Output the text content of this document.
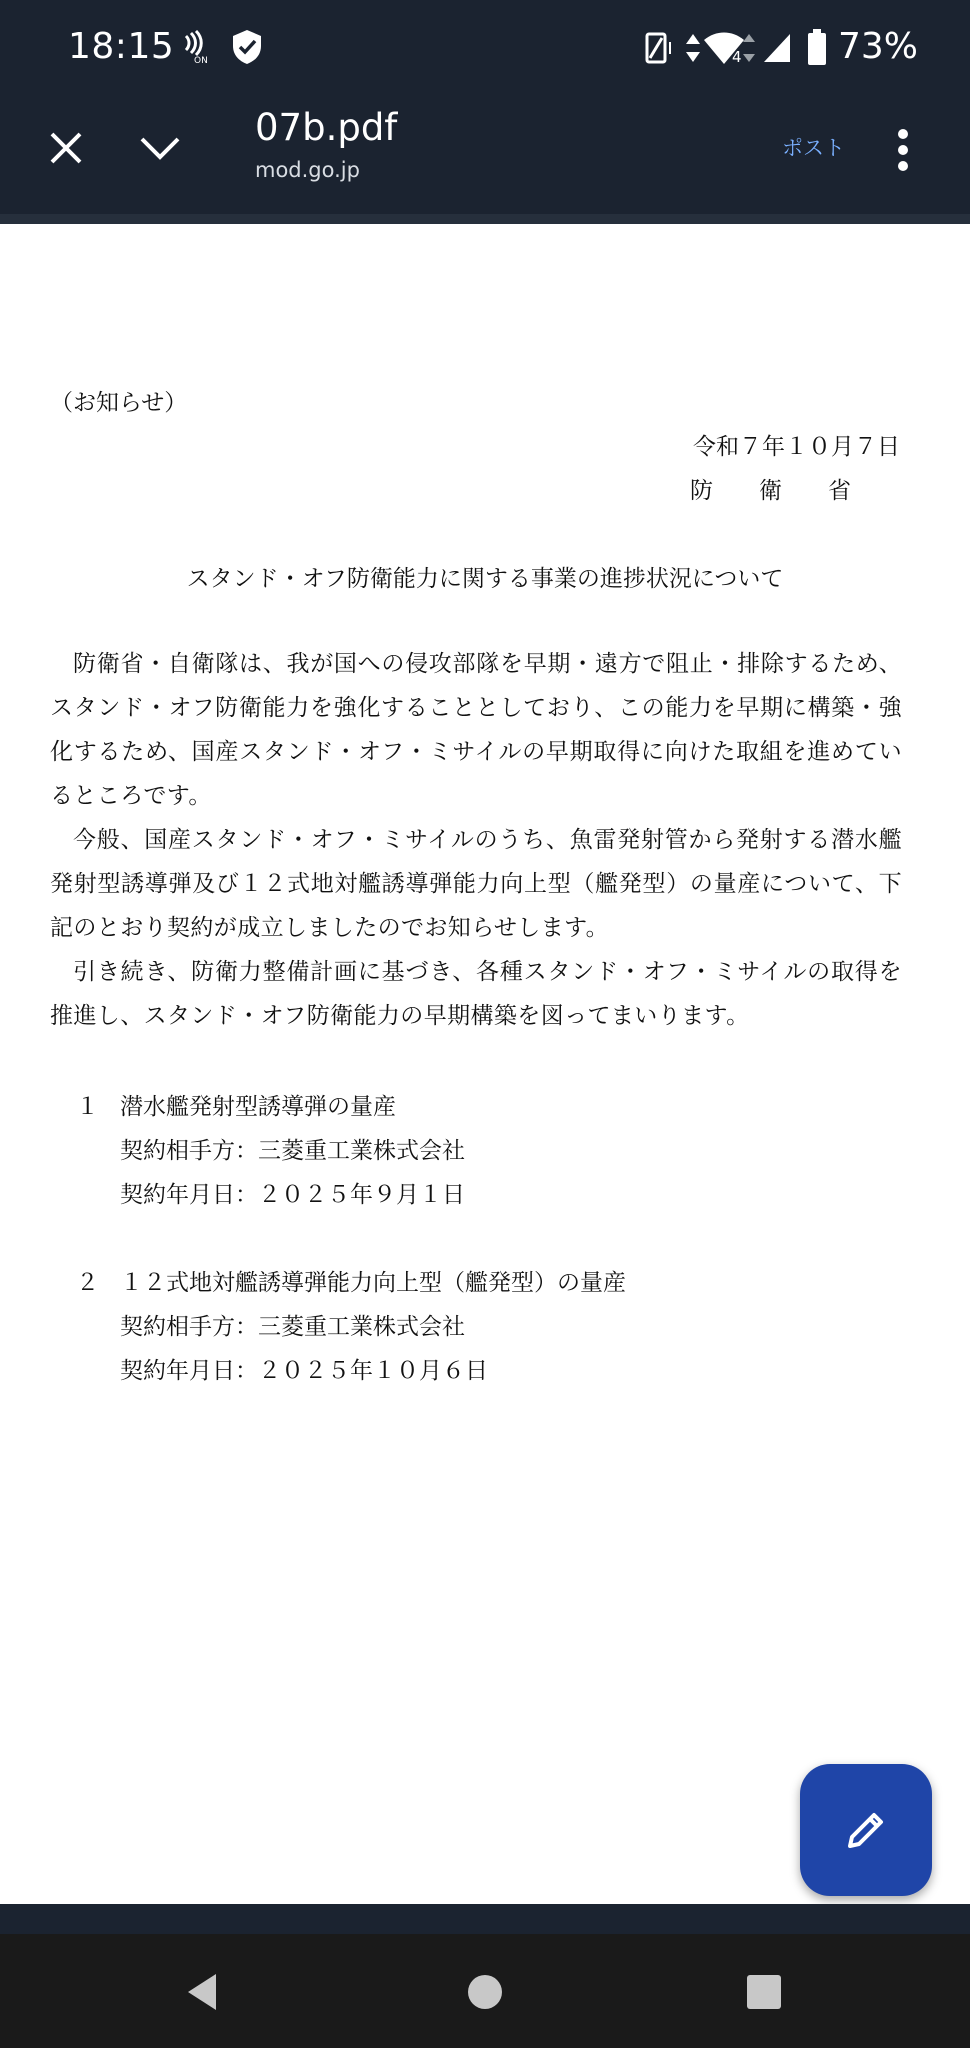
18:15 ON	4	73%
07b.pdf
mod.go.jp
ポスト
（お知らせ）
令和７年１０月７日
防　　衛　　省
スタンド・オフ防衛能力に関する事業の進捗状況について
防衛省・自衛隊は、我が国への侵攻部隊を早期・遠方で阻止・排除するため、スタンド・オフ防衛能力を強化することとしており、この能力を早期に構築・強化するため、国産スタンド・オフ・ミサイルの早期取得に向けた取組を進めているところです。
今般、国産スタンド・オフ・ミサイルのうち、魚雷発射管から発射する潜水艦発射型誘導弾及び１２式地対艦誘導弾能力向上型（艦発型）の量産について、下記のとおり契約が成立しましたのでお知らせします。
引き続き、防衛力整備計画に基づき、各種スタンド・オフ・ミサイルの取得を推進し、スタンド・オフ防衛能力の早期構築を図ってまいります。
１ 潜水艦発射型誘導弾の量産
契約相手方：三菱重工業株式会社
契約年月日：２０２５年９月１日
２ １２式地対艦誘導弾能力向上型（艦発型）の量産
契約相手方：三菱重工業株式会社
契約年月日：２０２５年１０月６日
